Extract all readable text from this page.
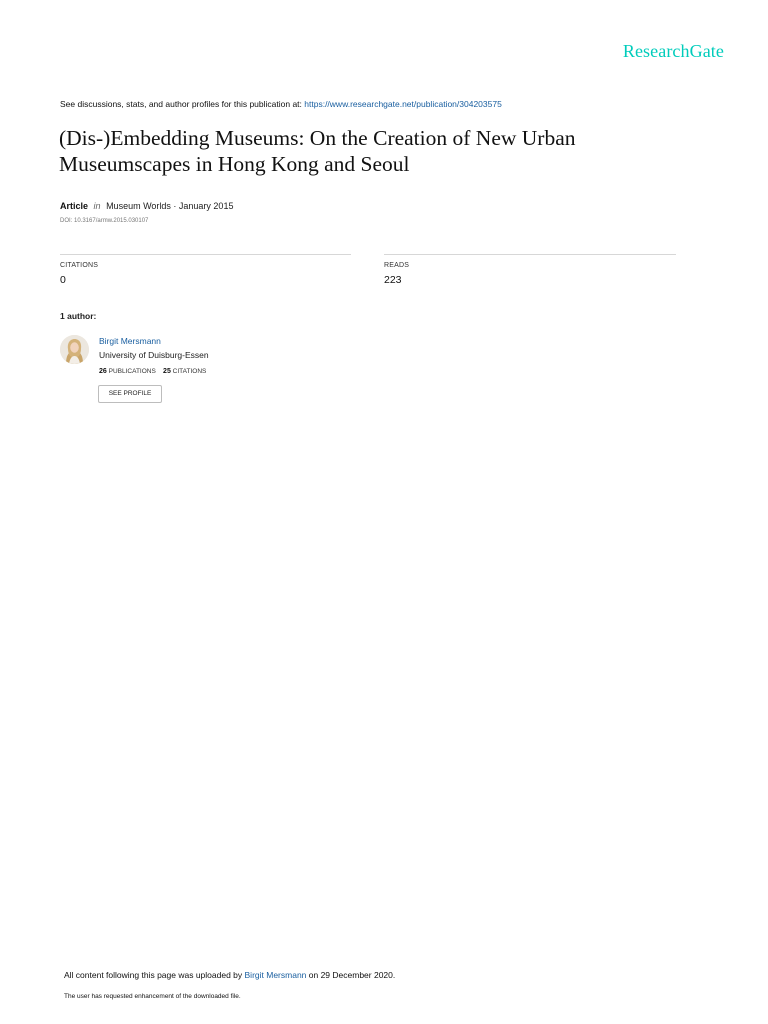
ResearchGate
See discussions, stats, and author profiles for this publication at: https://www.researchgate.net/publication/304203575
(Dis-)Embedding Museums: On the Creation of New Urban
Museumscapes in Hong Kong and Seoul
Article in Museum Worlds · January 2015
DOI: 10.3167/armw.2015.030107
CITATIONS
0
READS
223
1 author:
Birgit Mersmann
University of Duisburg-Essen
26 PUBLICATIONS 25 CITATIONS
SEE PROFILE
All content following this page was uploaded by Birgit Mersmann on 29 December 2020.
The user has requested enhancement of the downloaded file.
